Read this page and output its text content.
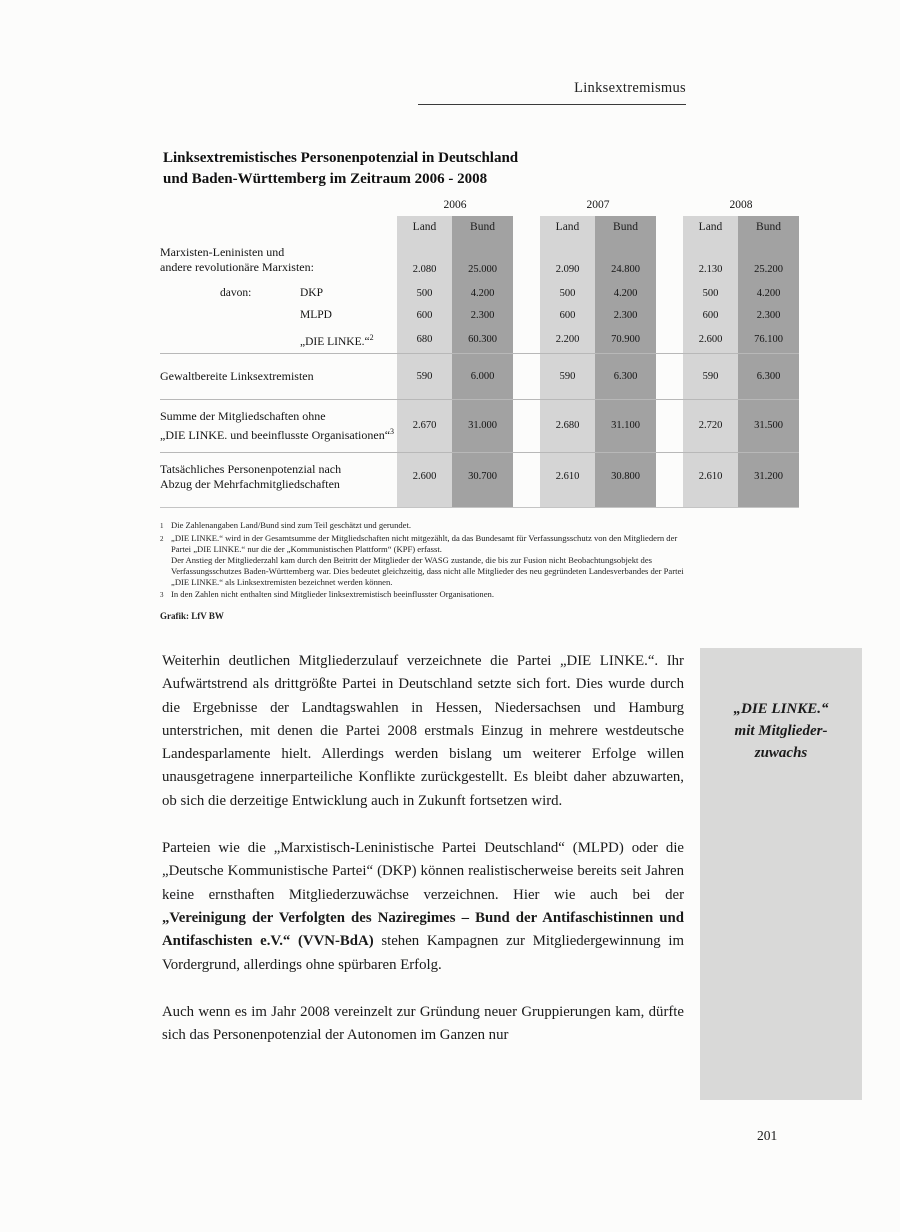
Linksextremismus
Linksextremistisches Personenpotenzial in Deutschland
und Baden-Württemberg im Zeitraum 2006 - 2008
	2006			2007			2008	
	Land	Bund		Land	Bund		Land	Bund

Marxisten-Leninisten und
andere revolutionäre Marxisten:	2.080	25.000		2.090	24.800		2.130	25.200
davon: DKP	500	4.200		500	4.200		500	4.200
MLPD	600	2.300		600	2.300		600	2.300
„DIE LINKE.“$^2$	680	60.300		2.200	70.900		2.600	76.100
Gewaltbereite Linksextremisten	590	6.000		590	6.300		590	6.300

Summe der Mitgliedschaften ohne
„DIE LINKE. und beeinflusste Organisationen“$^3$	2.670	31.000		2.680	31.100		2.720	31.500

Tatsächliches Personenpotenzial nach
Abzug der Mehrfachmitgliedschaften	2.600	30.700		2.610	30.800		2.610	31.200
1 Die Zahlenangaben Land/Bund sind zum Teil geschätzt und gerundet.
2 „DIE LINKE.“ wird in der Gesamtsumme der Mitgliedschaften nicht mitgezählt, da das Bundesamt für Verfassungsschutz von den Mitgliedern der Partei „DIE LINKE.“ nur die der „Kommunistischen Plattform“ (KPF) erfasst.
Der Anstieg der Mitgliederzahl kam durch den Beitritt der Mitglieder der WASG zustande, die bis zur Fusion nicht Beobachtungsobjekt des Verfassungsschutzes Baden-Württemberg war. Dies bedeutet gleichzeitig, dass nicht alle Mitglieder des neu gegründeten Landesverbandes der Partei „DIE LINKE.“ als Linksextremisten bezeichnet werden können.
3 In den Zahlen nicht enthalten sind Mitglieder linksextremistisch beeinflusster Organisationen.
Grafik: LfV BW

Weiterhin deutlichen Mitgliederzulauf verzeichnete die Partei „DIE LINKE.“. Ihr Aufwärtstrend als drittgrößte Partei in Deutschland setzte sich fort. Dies wurde durch die Ergebnisse der Landtagswahlen in Hessen, Niedersachsen und Hamburg unterstrichen, mit denen die Partei 2008 erstmals Einzug in mehrere westdeutsche Landesparlamente hielt. Allerdings werden bislang um weiterer Erfolge willen unausgetragene innerparteiliche Konflikte zurückgestellt. Es bleibt daher abzuwarten, ob sich die derzeitige Entwicklung auch in Zukunft fortsetzen wird.

Parteien wie die „Marxistisch-Leninistische Partei Deutschland“ (MLPD) oder die „Deutsche Kommunistische Partei“ (DKP) können realistischerweise bereits seit Jahren keine ernsthaften Mitgliederzuwächse verzeichnen. Hier wie auch bei der „Vereinigung der Verfolgten des Naziregimes – Bund der Antifaschistinnen und Antifaschisten e.V.“ (VVN-BdA) stehen Kampagnen zur Mitgliedergewinnung im Vordergrund, allerdings ohne spürbaren Erfolg.

Auch wenn es im Jahr 2008 vereinzelt zur Gründung neuer Gruppierungen kam, dürfte sich das Personenpotenzial der Autonomen im Ganzen nur

„DIE LINKE.“
mit Mitglieder-
zuwachs
201
